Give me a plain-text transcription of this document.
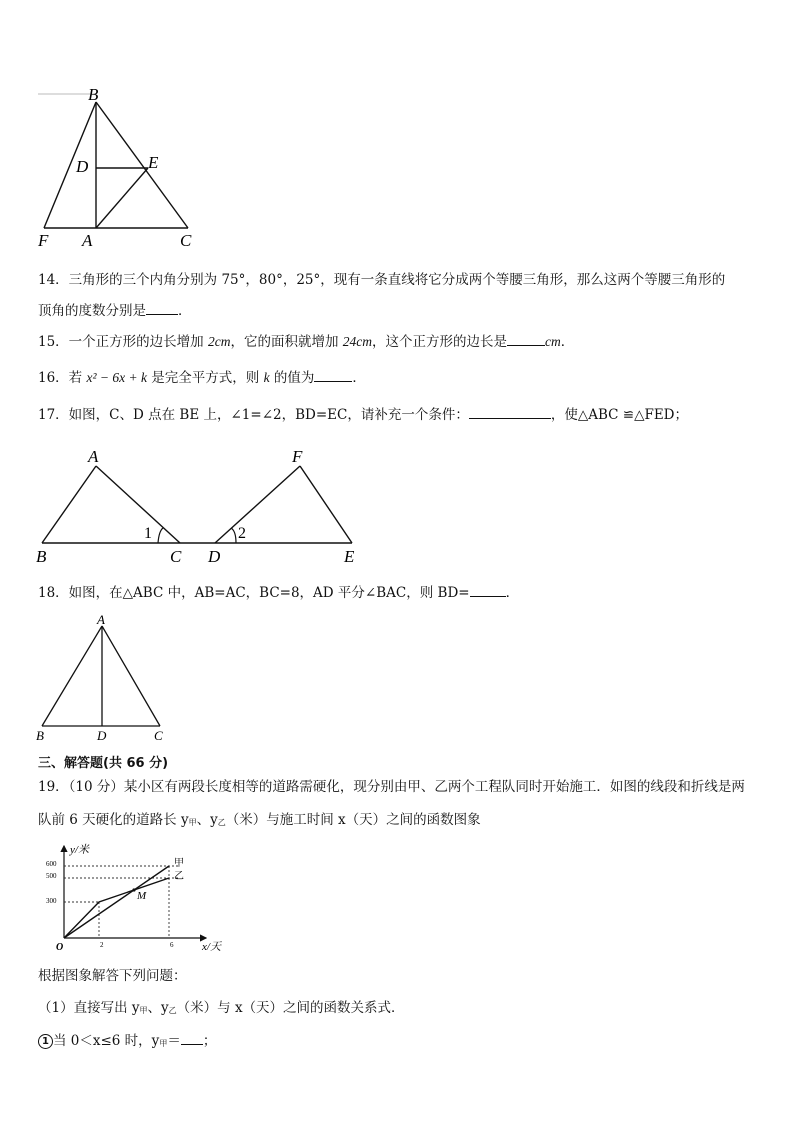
B
D	E
F A	C
14．三角形的三个内角分别为 75°，80°，25°，现有一条直线将它分成两个等腰三角形，那么这两个等腰三角形的
顶角的度数分别是 ．
15．一个正方形的边长增加 2cm，它的面积就增加 24cm，这个正方形的边长是	cm．
16．若 x² − 6x + k 是完全平方式，则 k 的值为	．
17．如图，C、D 点在 BE 上，∠1=∠2，BD=EC，请补充一个条件：	，使△ABC ≌△FED；
A
B
1
C
F
D
2
E
18．如图，在△ABC 中，AB=AC，BC=8，AD 平分∠BAC，则 BD=	．
A
B	D	C
三、解答题(共 66 分)
19．（10 分）某小区有两段长度相等的道路需硬化，现分别由甲、乙两个工程队同时开始施工．如图的线段和折线是两
队前 6 天硬化的道路长 y甲、y乙（米）与施工时间 x（天）之间的函数图象
y/米
x/天
O
600
500
300
2	6
M
甲
乙
根据图象解答下列问题：
（1）直接写出 y甲、y乙（米）与 x（天）之间的函数关系式．
1 当 0＜x≤6 时，y甲＝ ；
